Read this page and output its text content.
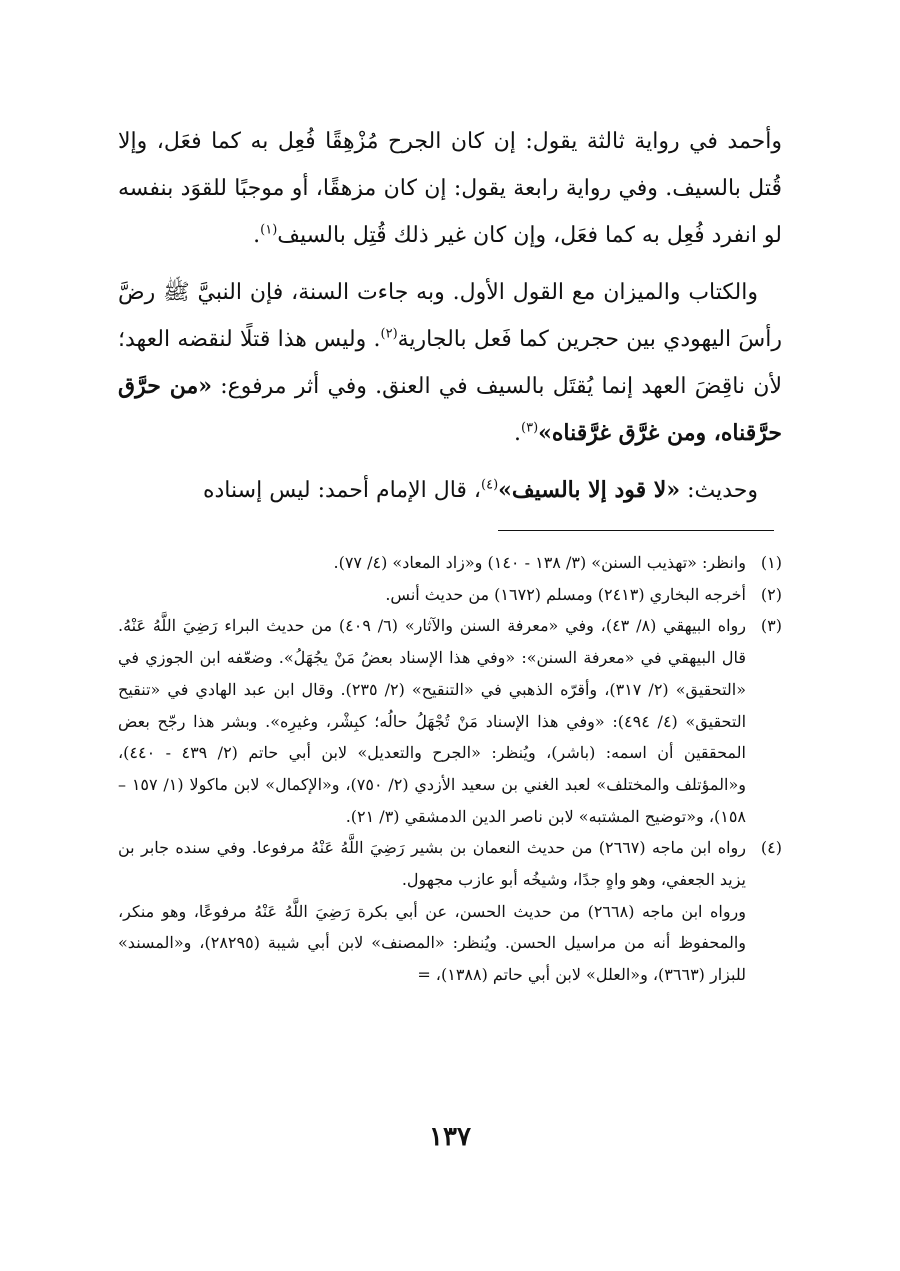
وأحمد في رواية ثالثة يقول: إن كان الجرح مُزْهِقًا فُعِل به كما فعَل، وإلا قُتل بالسيف. وفي رواية رابعة يقول: إن كان مزهقًا، أو موجبًا للقوَد بنفسه لو انفرد فُعِل به كما فعَل، وإن كان غير ذلك قُتِل بالسيف$^{(١)}$.

والكتاب والميزان مع القول الأول. وبه جاءت السنة، فإن النبيَّ ﷺ رضَّ رأسَ اليهودي بين حجرين كما فَعل بالجارية$^{(٢)}$. وليس هذا قتلًا لنقضه العهد؛ لأن ناقِضَ العهد إنما يُقتَل بالسيف في العنق. وفي أثر مرفوع: «من حرَّق حرَّقناه، ومن غرَّق غرَّقناه»$^{(٣)}$.

وحديث: «لا قود إلا بالسيف»$^{(٤)}$، قال الإمام أحمد: ليس إسناده

(١)

وانظر: «تهذيب السنن» (٣/ ١٣٨ - ١٤٠) و«زاد المعاد» (٤/ ٧٧).

(٢)

أخرجه البخاري (٢٤١٣) ومسلم (١٦٧٢) من حديث أنس.

(٣)

رواه البيهقي (٨/ ٤٣)، وفي «معرفة السنن والآثار» (٦/ ٤٠٩) من حديث البراء رَضِيَ اللَّهُ عَنْهُ. قال البيهقي في «معرفة السنن»: «وفي هذا الإسناد بعضُ مَنْ يجُهَلُ». وضعّفه ابن الجوزي في «التحقيق» (٢/ ٣١٧)، وأقرّه الذهبي في «التنقيح» (٢/ ٢٣٥). وقال ابن عبد الهادي في «تنقيح التحقيق» (٤/ ٤٩٤): «وفي هذا الإسناد مَنْ تُجْهَلُ حالُه؛ كبِشْر، وغيرِه». وبشر هذا رجّح بعض المحققين أن اسمه: (باشر)، ويُنظر: «الجرح والتعديل» لابن أبي حاتم (٢/ ٤٣٩ - ٤٤٠)، و«المؤتلف والمختلف» لعبد الغني بن سعيد الأزدي (٢/ ٧٥٠)، و«الإكمال» لابن ماكولا (١/ ١٥٧ – ١٥٨)، و«توضيح المشتبه» لابن ناصر الدين الدمشقي (٣/ ٢١).

(٤)

رواه ابن ماجه (٢٦٦٧) من حديث النعمان بن بشير رَضِيَ اللَّهُ عَنْهُ مرفوعا. وفي سنده جابر بن يزيد الجعفي، وهو واهٍ جدًا، وشيخُه أبو عازب مجهول.

ورواه ابن ماجه (٢٦٦٨) من حديث الحسن، عن أبي بكرة رَضِيَ اللَّهُ عَنْهُ مرفوعًا، وهو منكر، والمحفوظ أنه من مراسيل الحسن. ويُنظر: «المصنف» لابن أبي شيبة (٢٨٢٩٥)، و«المسند» للبزار (٣٦٦٣)، و«العلل» لابن أبي حاتم (١٣٨٨)، =

١٣٧
